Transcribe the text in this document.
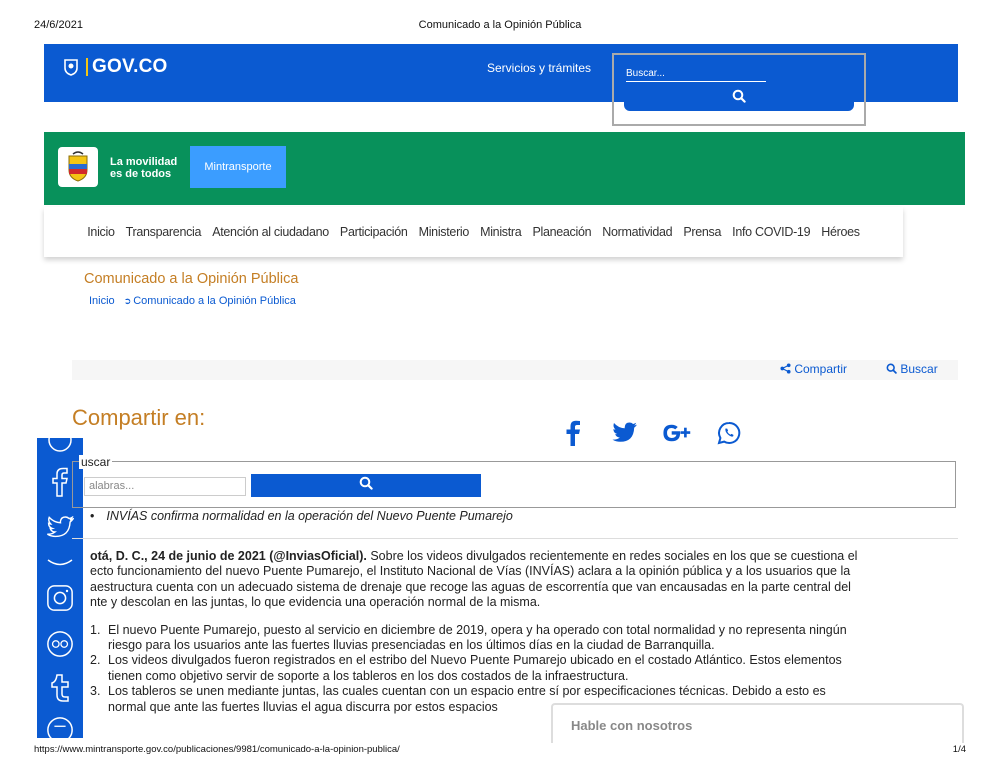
24/6/2021	Comunicado a la Opinión Pública
GOV.CO	Servicios y trámites	Buscar...
La movilidad
es de todos
Mintransporte
Inicio Transparencia Atención al ciudadano Participación Ministerio Ministra Planeación Normatividad Prensa Info COVID-19 Héroes
Comunicado a la Opinión Pública
Inicio ➲ Comunicado a la Opinión Pública
Compartir	Buscar
Compartir en:
uscar
alabras...
• INVÍAS confirma normalidad en la operación del Nuevo Puente Pumarejo

otá, D. C., 24 de junio de 2021 (@InviasOficial). Sobre los videos divulgados recientemente en redes sociales en los que se cuestiona el
ecto funcionamiento del nuevo Puente Pumarejo, el Instituto Nacional de Vías (INVÍAS) aclara a la opinión pública y a los usuarios que la
aestructura cuenta con un adecuado sistema de drenaje que recoge las aguas de escorrentía que van encausadas en la parte central del
nte y descolan en las juntas, lo que evidencia una operación normal de la misma.

1. El nuevo Puente Pumarejo, puesto al servicio en diciembre de 2019, opera y ha operado con total normalidad y no representa ningún
riesgo para los usuarios ante las fuertes lluvias presenciadas en los últimos días en la ciudad de Barranquilla.
2. Los videos divulgados fueron registrados en el estribo del Nuevo Puente Pumarejo ubicado en el costado Atlántico. Estos elementos
tienen como objetivo servir de soporte a los tableros en los dos costados de la infraestructura.
3. Los tableros se unen mediante juntas, las cuales cuentan con un espacio entre sí por especificaciones técnicas. Debido a esto es
normal que ante las fuertes lluvias el agua discurra por estos espacios
Hable con nosotros
https://www.mintransporte.gov.co/publicaciones/9981/comunicado-a-la-opinion-publica/	1/4
